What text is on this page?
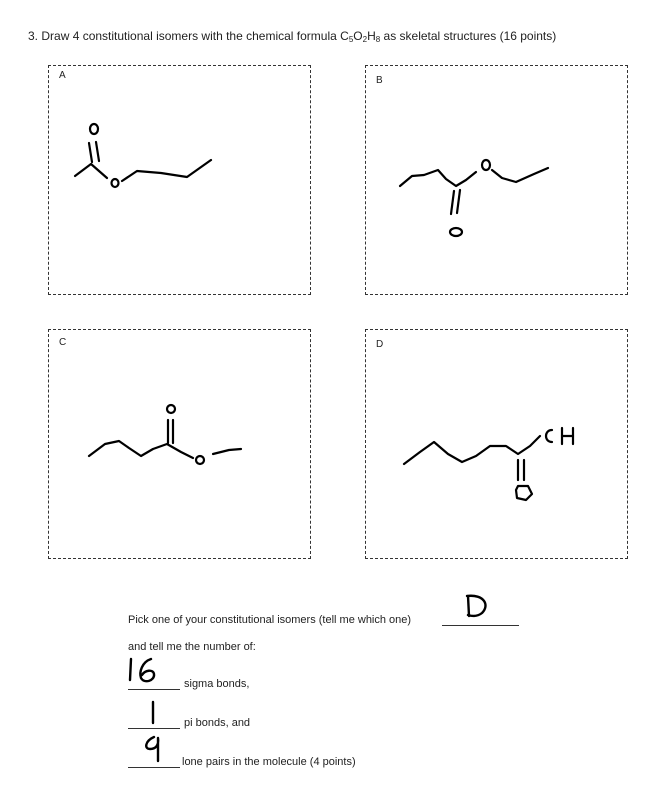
3. Draw 4 constitutional isomers with the chemical formula $C_5O_2H_8$ as skeletal structures (16 points)
A	B
C	D
Pick one of your constitutional isomers (tell me which one)
and tell me the number of:
sigma bonds,
pi bonds, and
lone pairs in the molecule (4 points)
